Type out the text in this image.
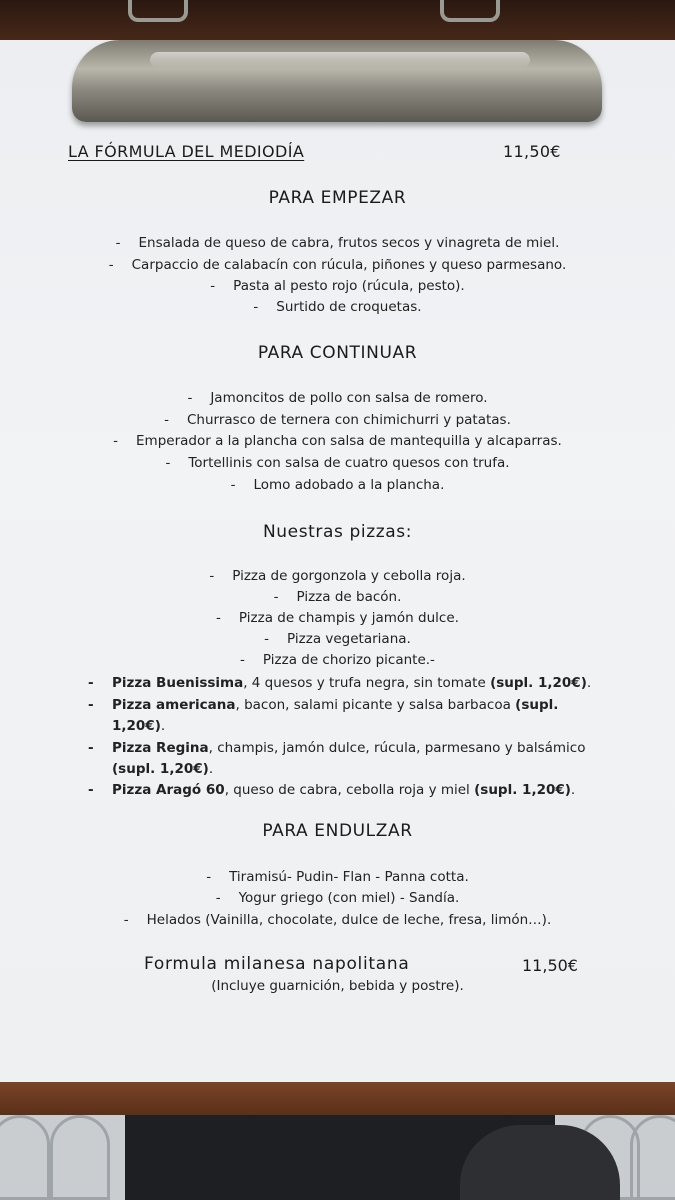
LA FÓRMULA DEL MEDIODÍA	11,50€
PARA EMPEZAR
- Ensalada de queso de cabra, frutos secos y vinagreta de miel.
- Carpaccio de calabacín con rúcula, piñones y queso parmesano.
- Pasta al pesto rojo (rúcula, pesto).
- Surtido de croquetas.
PARA CONTINUAR
- Jamoncitos de pollo con salsa de romero.
- Churrasco de ternera con chimichurri y patatas.
- Emperador a la plancha con salsa de mantequilla y alcaparras.
- Tortellinis con salsa de cuatro quesos con trufa.
- Lomo adobado a la plancha.
Nuestras pizzas:
- Pizza de gorgonzola y cebolla roja.
- Pizza de bacón.
- Pizza de champis y jamón dulce.
- Pizza vegetariana.
- Pizza de chorizo picante.-
-	Pizza Buenissima, 4 quesos y trufa negra, sin tomate (supl. 1,20€).
-	Pizza americana, bacon, salami picante y salsa barbacoa (supl. 1,20€).
-	Pizza Regina, champis, jamón dulce, rúcula, parmesano y balsámico (supl. 1,20€).
-	Pizza Aragó 60, queso de cabra, cebolla roja y miel (supl. 1,20€).
PARA ENDULZAR
- Tiramisú- Pudin- Flan - Panna cotta.
- Yogur griego (con miel) - Sandía.
- Helados (Vainilla, chocolate, dulce de leche, fresa, limón…).
Formula milanesa napolitana	11,50€
(Incluye guarnición, bebida y postre).
